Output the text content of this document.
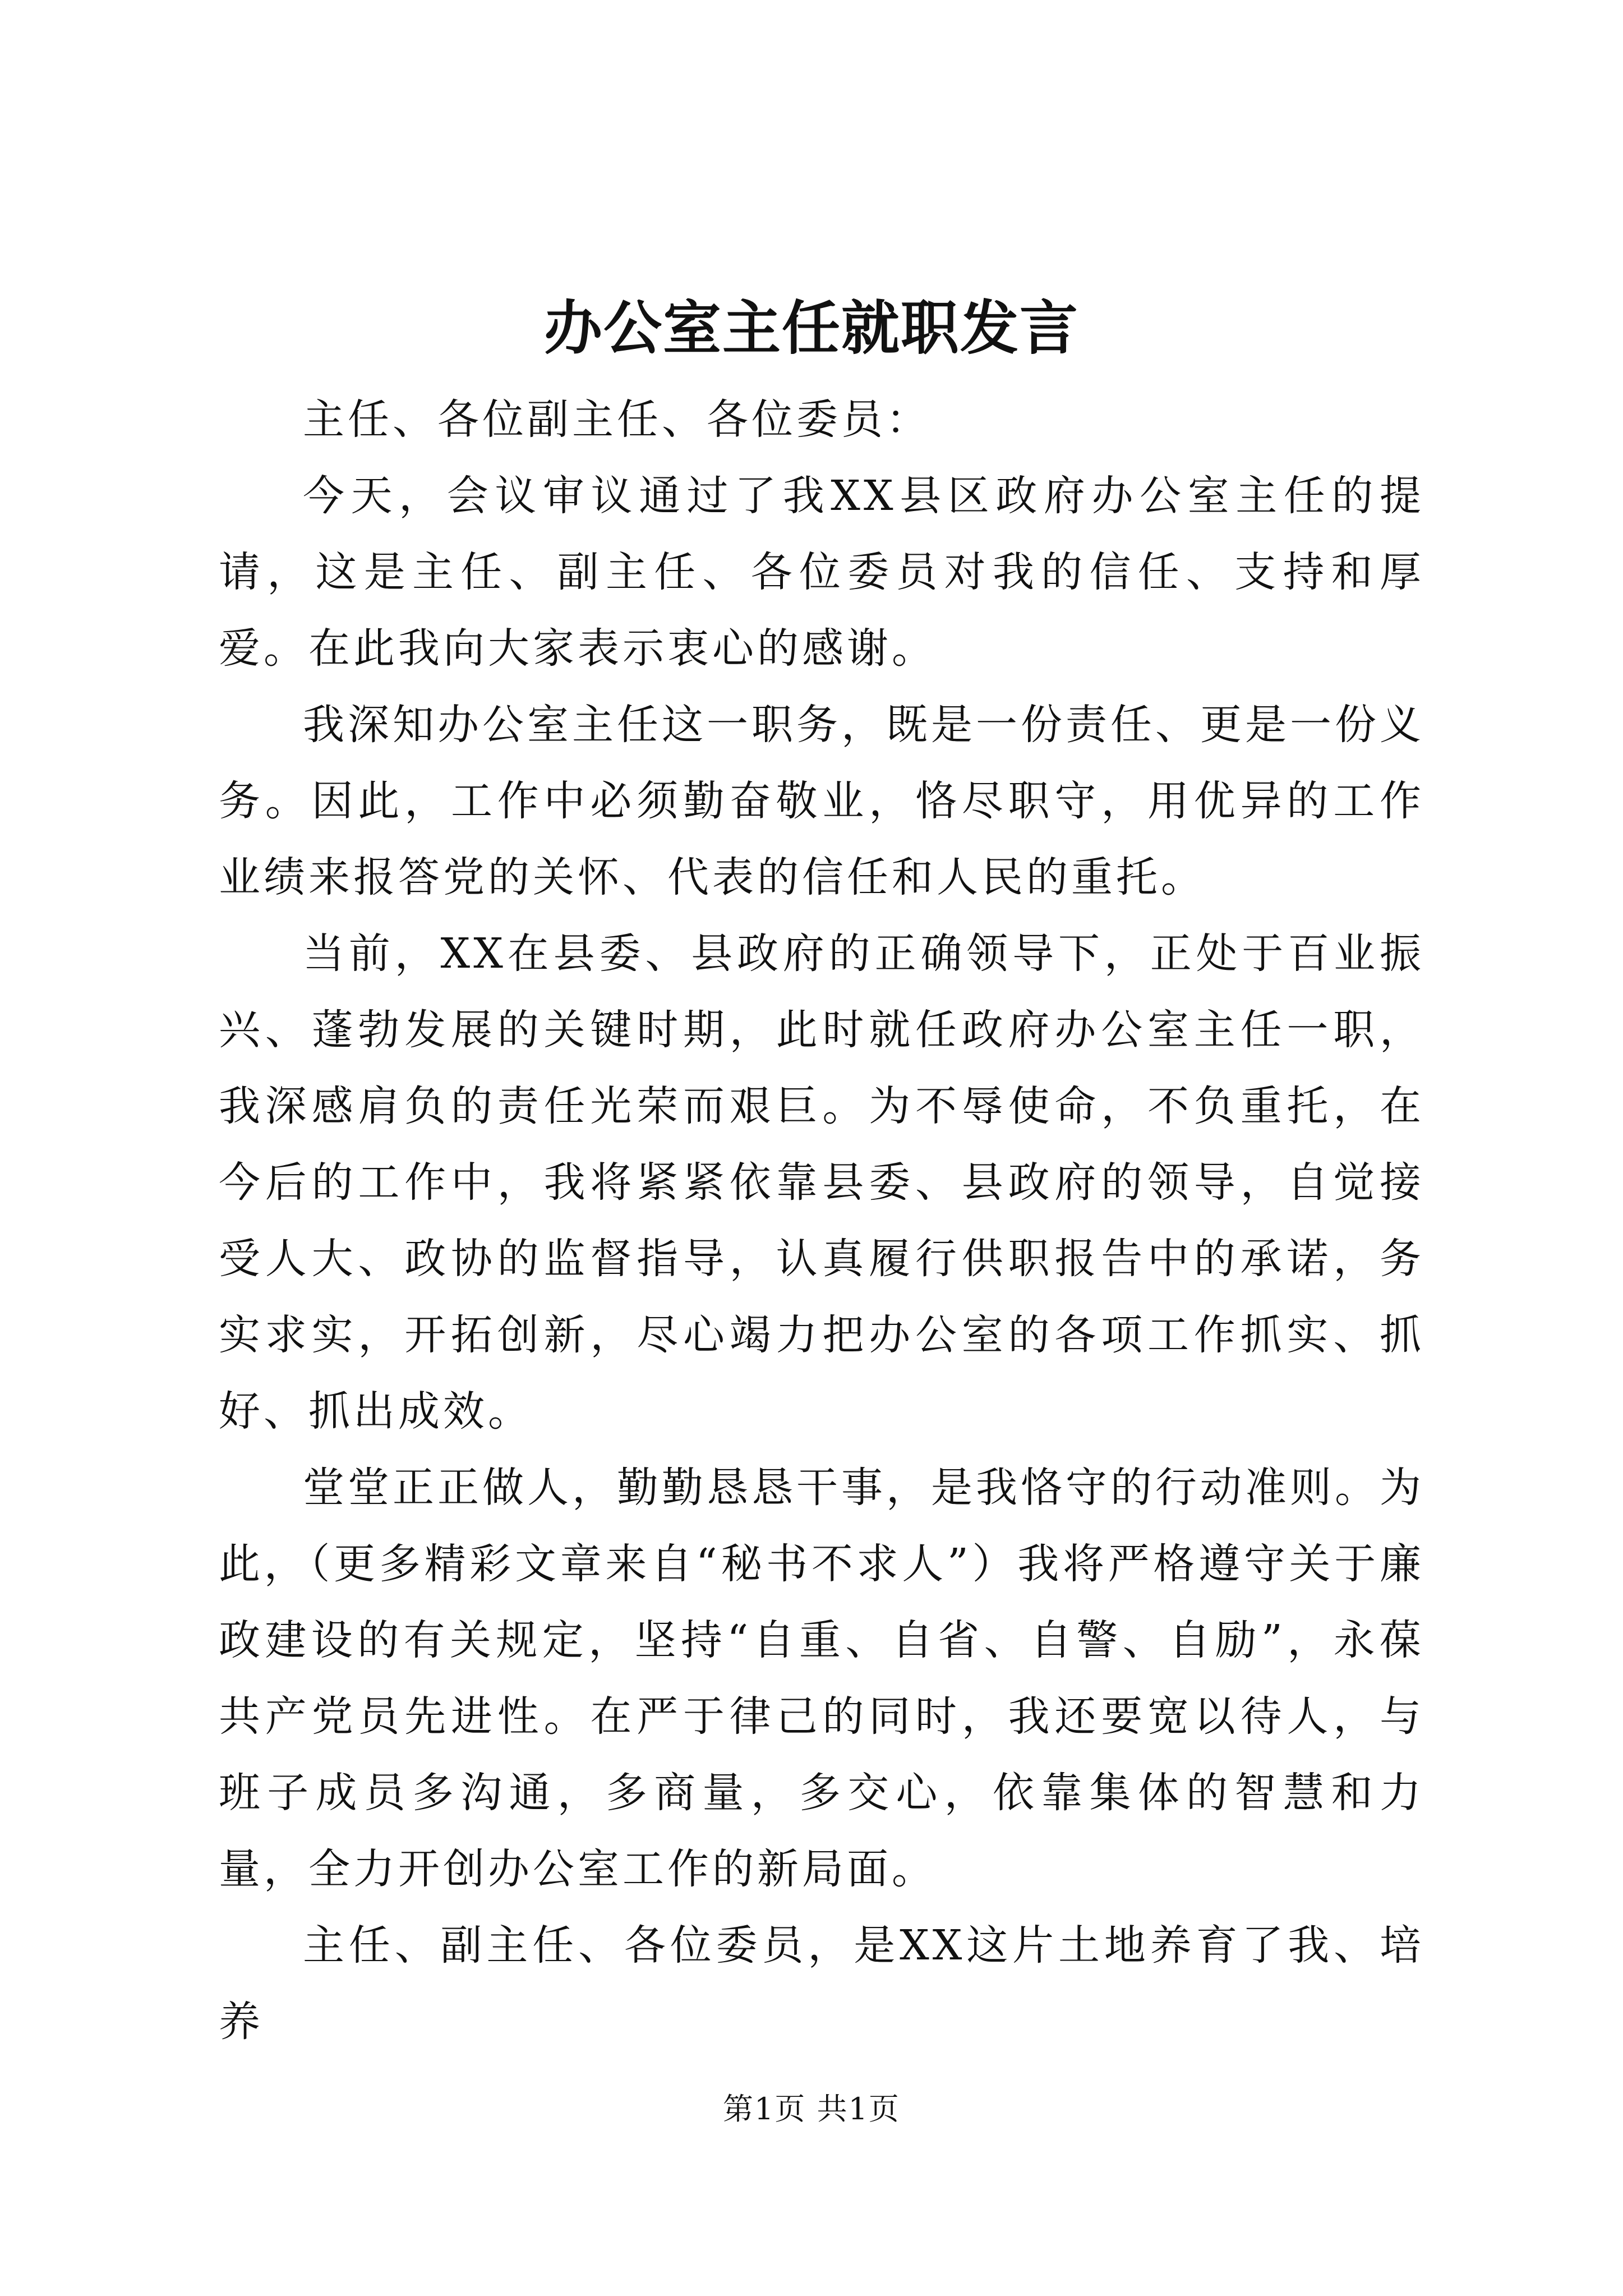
办公室主任就职发言

主任、各位副主任、各位委员：

今天，会议审议通过了我XX县区政府办公室主任的提请，这是主任、副主任、各位委员对我的信任、支持和厚爱。在此我向大家表示衷心的感谢。

我深知办公室主任这一职务，既是一份责任、更是一份义务。因此，工作中必须勤奋敬业，恪尽职守，用优异的工作业绩来报答党的关怀、代表的信任和人民的重托。

当前，XX在县委、县政府的正确领导下，正处于百业振兴、蓬勃发展的关键时期，此时就任政府办公室主任一职，我深感肩负的责任光荣而艰巨。为不辱使命，不负重托，在今后的工作中，我将紧紧依靠县委、县政府的领导，自觉接受人大、政协的监督指导，认真履行供职报告中的承诺，务实求实，开拓创新，尽心竭力把办公室的各项工作抓实、抓好、抓出成效。

堂堂正正做人，勤勤恳恳干事，是我恪守的行动准则。为此，（更多精彩文章来自“秘书不求人”）我将严格遵守关于廉政建设的有关规定，坚持“自重、自省、自警、自励”，永葆共产党员先进性。在严于律己的同时，我还要宽以待人，与班子成员多沟通，多商量，多交心，依靠集体的智慧和力量，全力开创办公室工作的新局面。

主任、副主任、各位委员，是XX这片土地养育了我、培养

第1页 共1页
